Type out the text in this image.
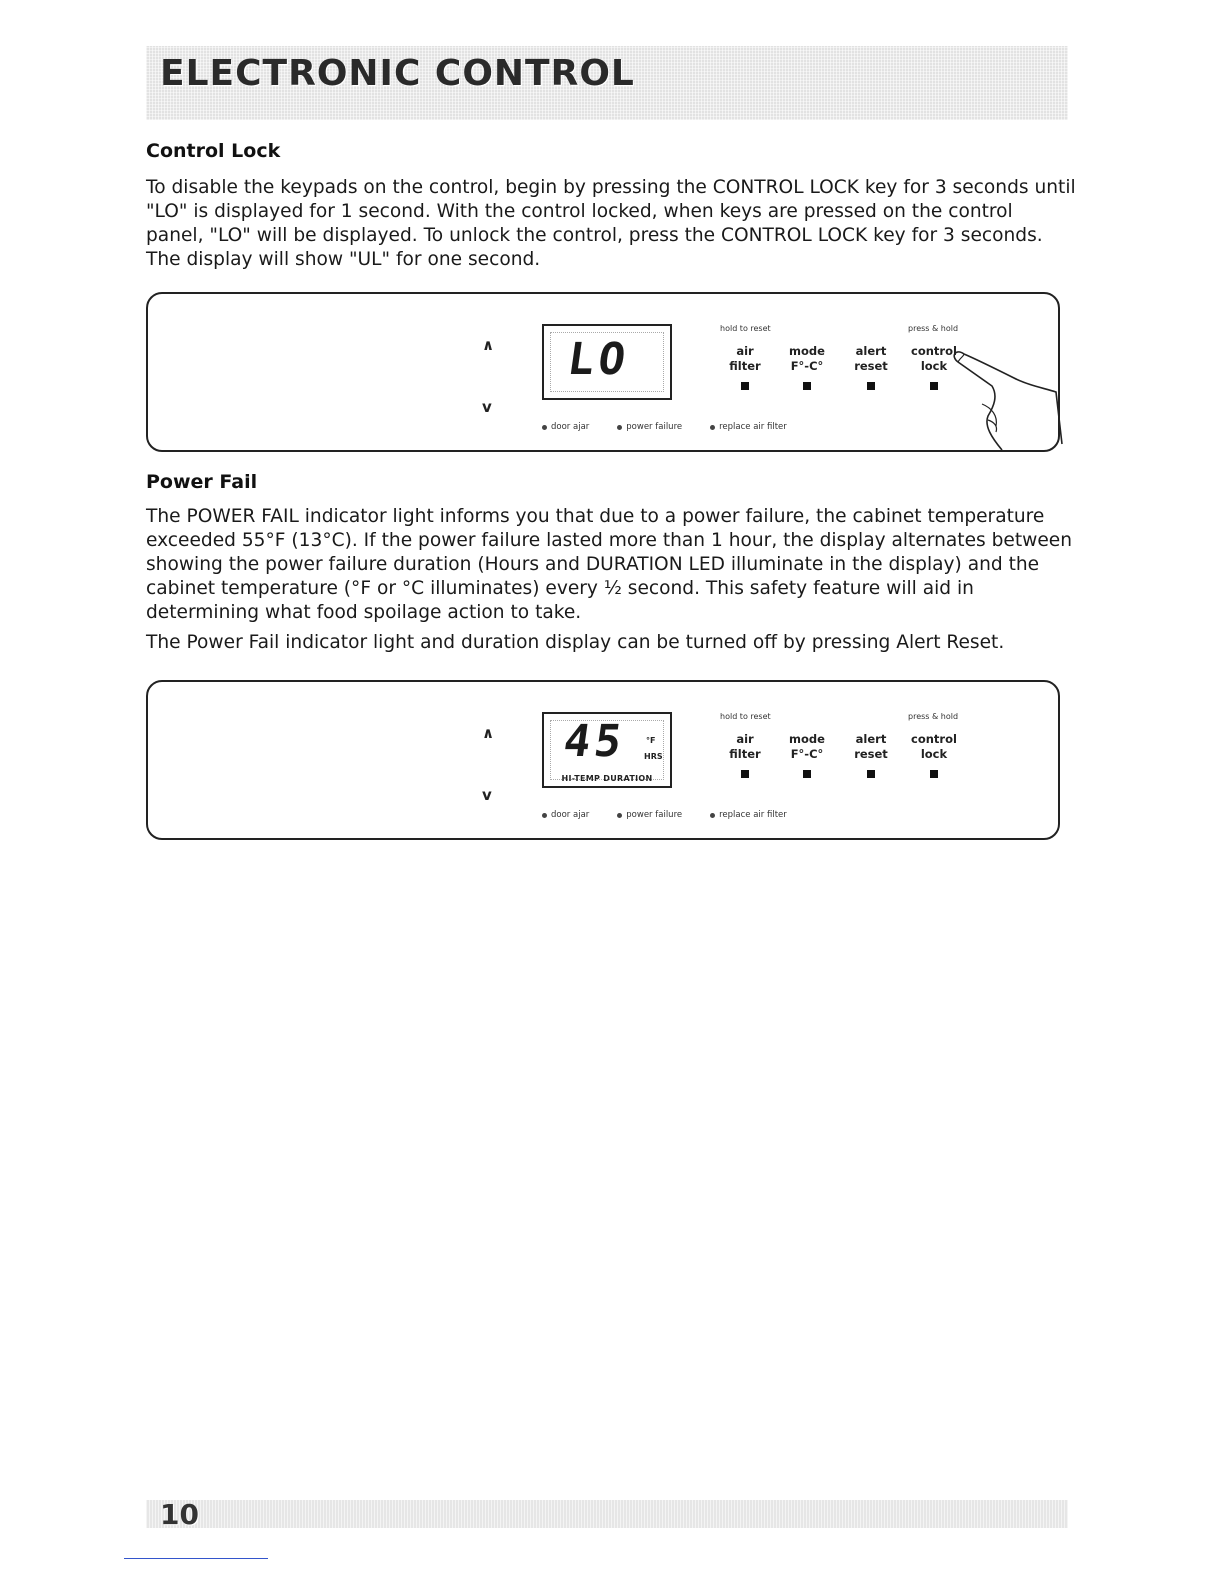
ELECTRONIC CONTROL
Control Lock

To disable the keypads on the control, begin by pressing the CONTROL LOCK key for 3 seconds until "LO" is displayed for 1 second. With the control locked, when keys are pressed on the control panel, "LO" will be displayed. To unlock the control, press the CONTROL LOCK key for 3 seconds. The display will show "UL" for one second.

∧
v
LO
hold to reset	press & hold
air
filter
mode
F°-C°
alert
reset
control
lock
door ajar	power failure	replace air filter
Power Fail

The POWER FAIL indicator light informs you that due to a power failure, the cabinet temperature exceeded 55°F (13°C). If the power failure lasted more than 1 hour, the display alternates between showing the power failure duration (Hours and DURATION LED illuminate in the display) and the cabinet temperature (°F or °C illuminates) every ½ second. This safety feature will aid in determining what food spoilage action to take.

The Power Fail indicator light and duration display can be turned off by pressing Alert Reset.

∧
v
45 °F
HRS
HI-TEMP DURATION
hold to reset	press & hold
air
filter
mode
F°-C°
alert
reset
control
lock
door ajar	power failure	replace air filter
10
